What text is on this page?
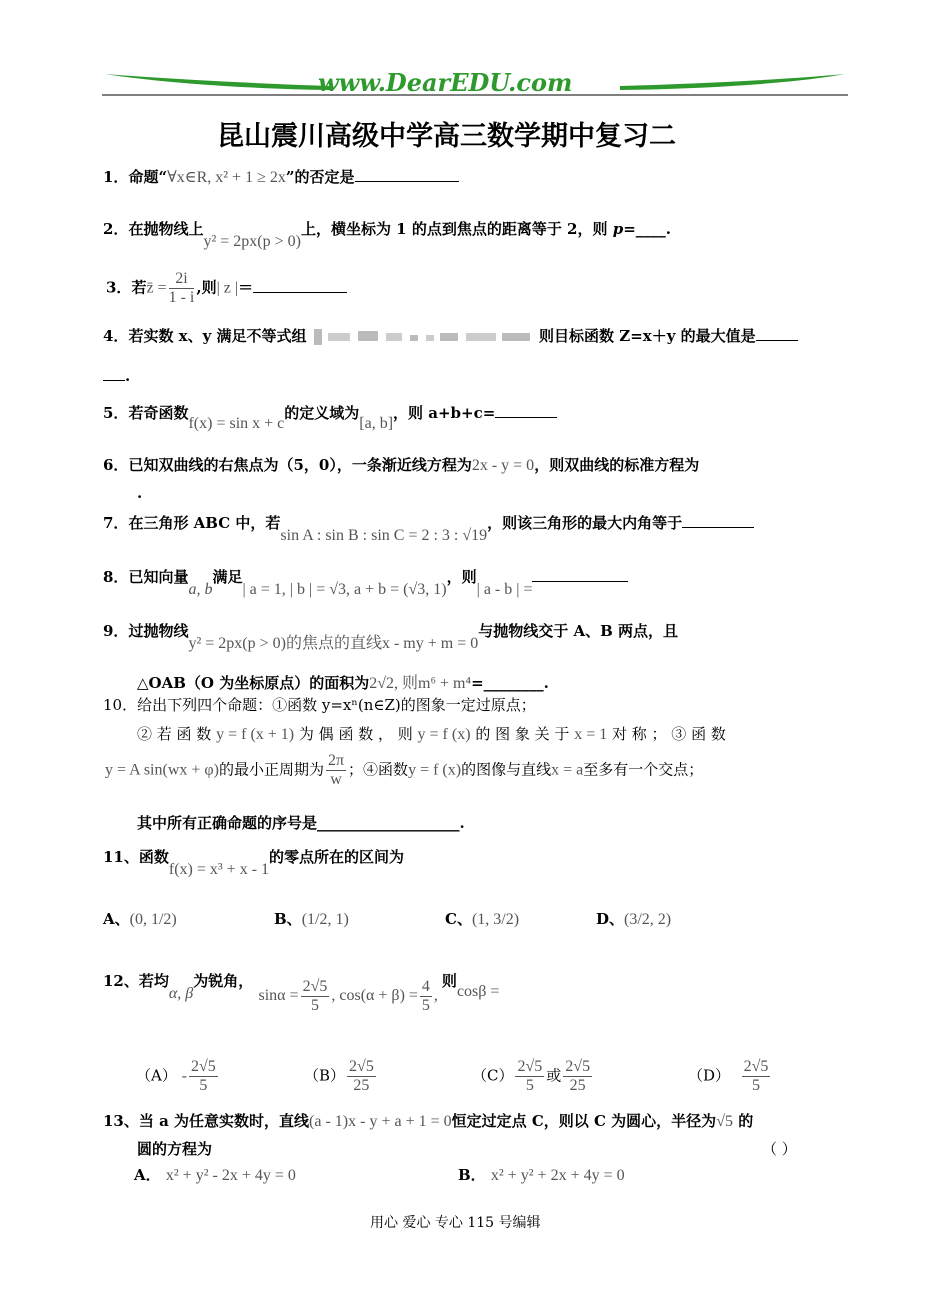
www.DearEDU.com
昆山震川高级中学高三数学期中复习二
1．命题“∀x∈R, x² + 1 ≥ 2x”的否定是
2．在抛物线上y² = 2px(p > 0)上，横坐标为 1 的点到焦点的距离等于 2，则 p=____.
3．若z̄ = $\frac{2i}{1 - i}$ ,则| z |＝
4．若实数 x、y 满足不等式组	则目标函数 Z=x＋y 的最大值是
.
5．若奇函数f(x) = sin x + c的定义域为[a, b]，则 a+b+c=
6．已知双曲线的右焦点为（5，0），一条渐近线方程为2x - y = 0，则双曲线的标准方程为
.
7．在三角形 ABC 中，若sin A : sin B : sin C = 2 : 3 : √19，则该三角形的最大内角等于
8．已知向量a, b满足| a = 1, | b | = √3, a + b = (√3, 1)，则| a - b | =
9．过抛物线y² = 2px(p > 0)的焦点的直线x - my + m = 0与抛物线交于 A、B 两点，且
△OAB（O 为坐标原点）的面积为2√2, 则m⁶ + m⁴=________.
10．给出下列四个命题：①函数 y=xⁿ(n∈Z)的图象一定过原点；
② 若 函 数 y = f (x + 1) 为 偶 函 数 ， 则 y = f (x) 的 图 象 关 于 x = 1 对 称 ； ③ 函 数
y = A sin(wx + φ)的最小正周期为 $\frac{2\pi}{w}$ ；④函数y = f (x)的图像与直线x = a至多有一个交点；
其中所有正确命题的序号是___________________.
11、函数f(x) = x³ + x - 1的零点所在的区间为
A、(0, 1/2)	B、(1/2, 1)	C、(1, 3/2)	D、(3/2, 2)
12、若均α, β为锐角， $\sin\alpha = \frac{2√5}{5}$ , $\cos(\alpha + \beta) = \frac{4}{5}$ , 则cosβ =
$(A) - \frac{2√5}{5}$	$(B) \frac{2√5}{25}$	$(C) \frac{2√5}{5}$ 或 $\frac{2√5}{25}$	$(D) \frac{2√5}{5}$
13、当 a 为任意实数时，直线(a - 1)x - y + a + 1 = 0恒定过定点 C，则以 C 为圆心，半径为√5 的
圆的方程为	（ ）
A． x² + y² - 2x + 4y = 0	B． x² + y² + 2x + 4y = 0
用心 爱心 专心 115 号编辑
